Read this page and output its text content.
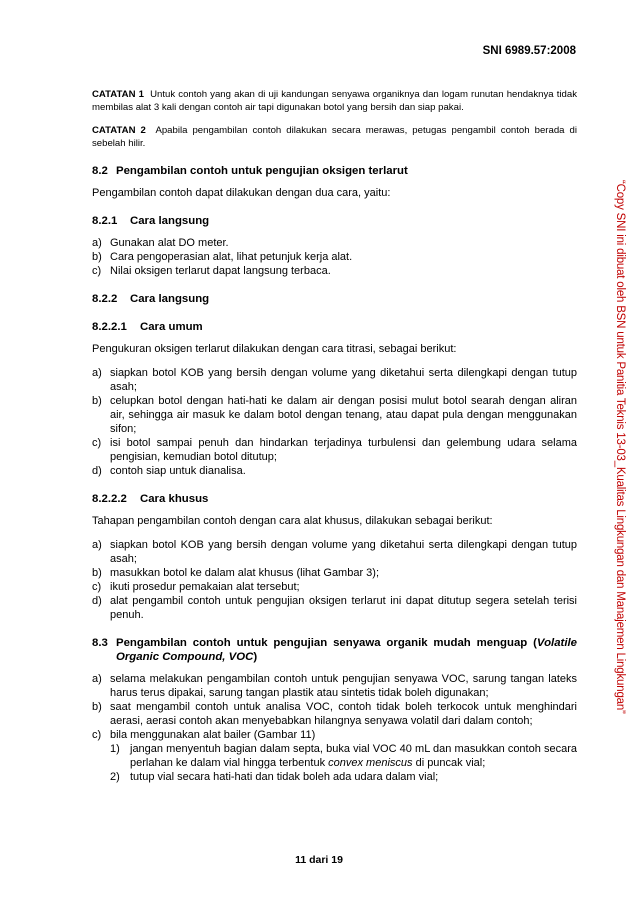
SNI 6989.57:2008
CATATAN 1 Untuk contoh yang akan di uji kandungan senyawa organiknya dan logam runutan hendaknya tidak membilas alat 3 kali dengan contoh air tapi digunakan botol yang bersih dan siap pakai.
CATATAN 2 Apabila pengambilan contoh dilakukan secara merawas, petugas pengambil contoh berada di sebelah hilir.
8.2 Pengambilan contoh untuk pengujian oksigen terlarut
Pengambilan contoh dapat dilakukan dengan dua cara, yaitu:
8.2.1 Cara langsung
a) Gunakan alat DO meter.
b) Cara pengoperasian alat, lihat petunjuk kerja alat.
c) Nilai oksigen terlarut dapat langsung terbaca.
8.2.2 Cara langsung
8.2.2.1 Cara umum
Pengukuran oksigen terlarut dilakukan dengan cara titrasi, sebagai berikut:
a) siapkan botol KOB yang bersih dengan volume yang diketahui serta dilengkapi dengan tutup asah;
b) celupkan botol dengan hati-hati ke dalam air dengan posisi mulut botol searah dengan aliran air, sehingga air masuk ke dalam botol dengan tenang, atau dapat pula dengan menggunakan sifon;
c) isi botol sampai penuh dan hindarkan terjadinya turbulensi dan gelembung udara selama pengisian, kemudian botol ditutup;
d) contoh siap untuk dianalisa.
8.2.2.2 Cara khusus
Tahapan pengambilan contoh dengan cara alat khusus, dilakukan sebagai berikut:
a) siapkan botol KOB yang bersih dengan volume yang diketahui serta dilengkapi dengan tutup asah;
b) masukkan botol ke dalam alat khusus (lihat Gambar 3);
c) ikuti prosedur pemakaian alat tersebut;
d) alat pengambil contoh untuk pengujian oksigen terlarut ini dapat ditutup segera setelah terisi penuh.
8.3 Pengambilan contoh untuk pengujian senyawa organik mudah menguap (Volatile Organic Compound, VOC)
a) selama melakukan pengambilan contoh untuk pengujian senyawa VOC, sarung tangan lateks harus terus dipakai, sarung tangan plastik atau sintetis tidak boleh digunakan;
b) saat mengambil contoh untuk analisa VOC, contoh tidak boleh terkocok untuk menghindari aerasi, aerasi contoh akan menyebabkan hilangnya senyawa volatil dari dalam contoh;
c) bila menggunakan alat bailer (Gambar 11)
1) jangan menyentuh bagian dalam septa, buka vial VOC 40 mL dan masukkan contoh secara perlahan ke dalam vial hingga terbentuk convex meniscus di puncak vial;
2) tutup vial secara hati-hati dan tidak boleh ada udara dalam vial;
11 dari 19
“Copy SNI ini dibuat oleh BSN untuk Panitia Teknis 13-03_Kualitas Lingkungan dan Manajemen Lingkungan”
